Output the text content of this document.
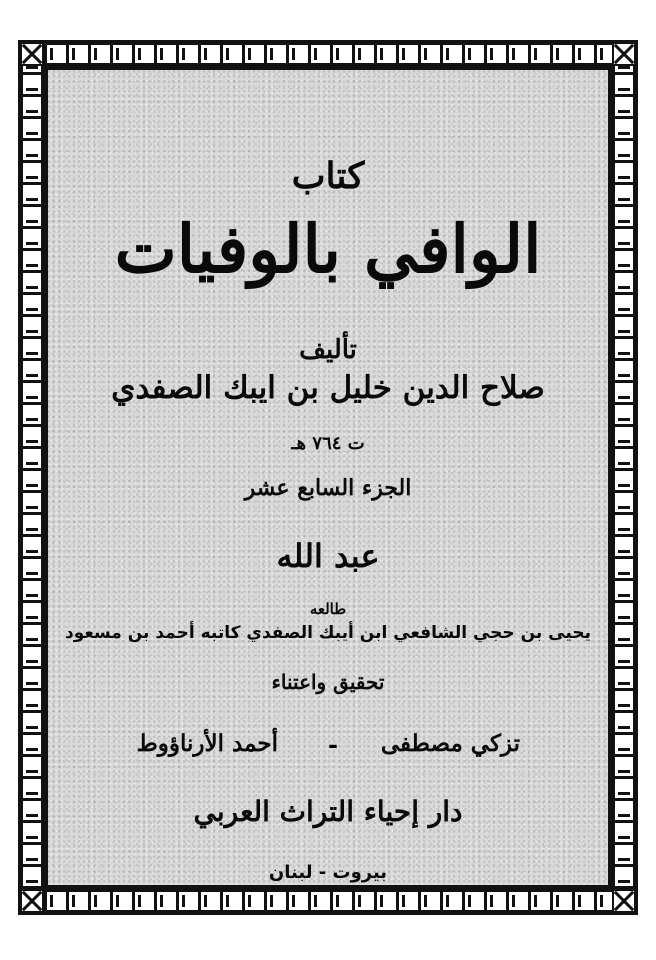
كتاب
الوافي بالوفيات
تأليف
صلاح الدين خليل بن ايبك الصفدي
ت ٧٦٤ هـ
الجزء السابع عشر
عبد الله
طالعه
يحيى بن حجي الشافعي ابن أيبك الصفدي كاتبه أحمد بن مسعود
تحقيق واعتناء
أحمد الأرناؤوط - تزكي مصطفى
دار إحياء التراث العربي
بيروت - لبنان
